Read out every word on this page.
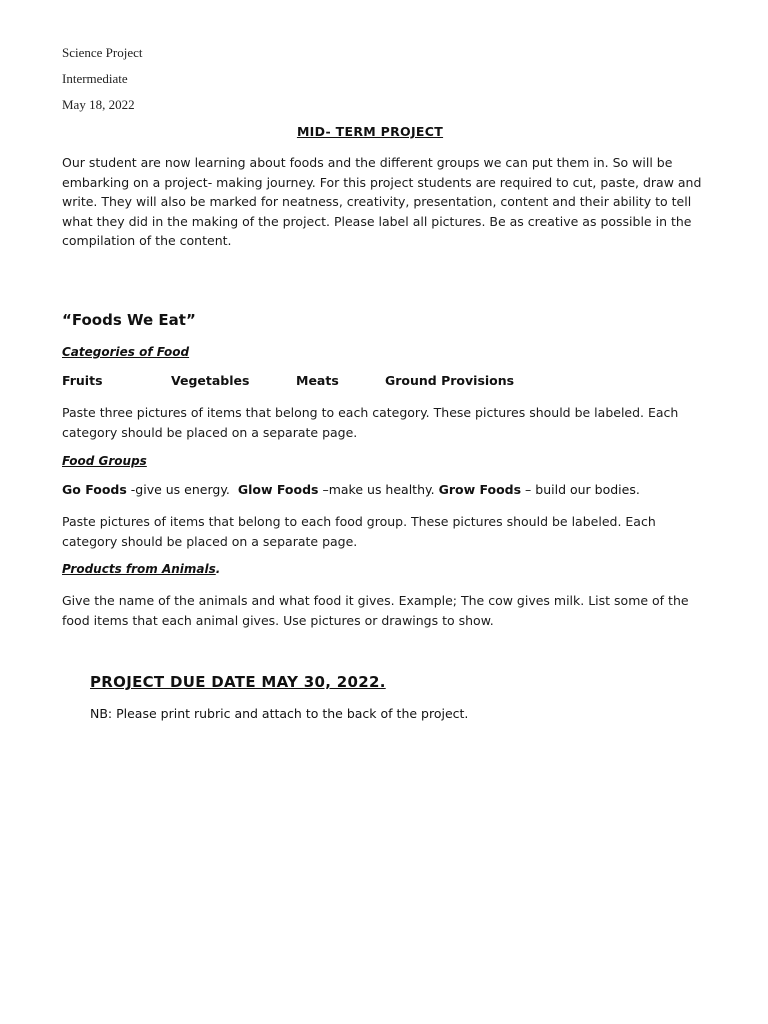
Science Project
Intermediate
May 18, 2022
MID- TERM PROJECT
Our student are now learning about foods and the different groups we can put them in. So will be embarking on a project- making journey. For this project students are required to cut, paste, draw and write. They will also be marked for neatness, creativity, presentation, content and their ability to tell what they did in the making of the project. Please label all pictures. Be as creative as possible in the compilation of the content.
“Foods We Eat”
Categories of Food
Fruits	Vegetables	Meats	Ground Provisions
Paste three pictures of items that belong to each category. These pictures should be labeled. Each category should be placed on a separate page.
Food Groups
Go Foods -give us energy.  Glow Foods –make us healthy. Grow Foods – build our bodies.
Paste pictures of items that belong to each food group. These pictures should be labeled. Each category should be placed on a separate page.
Products from Animals.
Give the name of the animals and what food it gives. Example; The cow gives milk. List some of the food items that each animal gives. Use pictures or drawings to show.
PROJECT DUE DATE MAY 30, 2022.
NB: Please print rubric and attach to the back of the project.
